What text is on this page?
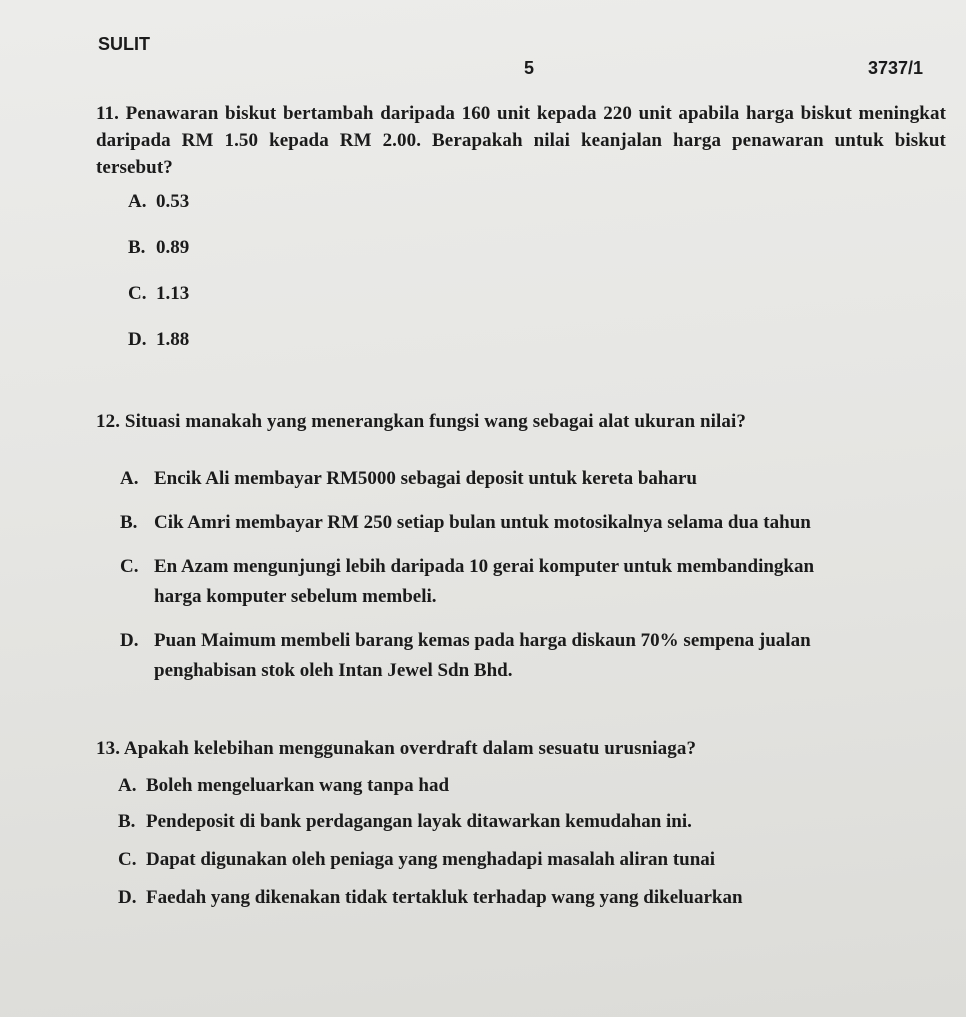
SULIT
5	3737/1
11. Penawaran biskut bertambah daripada 160 unit kepada 220 unit apabila harga biskut meningkat daripada RM 1.50 kepada RM 2.00. Berapakah nilai keanjalan harga penawaran untuk biskut tersebut?
A. 0.53
B. 0.89
C. 1.13
D. 1.88
12. Situasi manakah yang menerangkan fungsi wang sebagai alat ukuran nilai?
A. Encik Ali membayar RM5000 sebagai deposit untuk kereta baharu
B. Cik Amri membayar RM 250 setiap bulan untuk motosikalnya selama dua tahun
C. En Azam mengunjungi lebih daripada 10 gerai komputer untuk membandingkan harga komputer sebelum membeli.
D. Puan Maimum membeli barang kemas pada harga diskaun 70% sempena jualan penghabisan stok oleh Intan Jewel Sdn Bhd.
13. Apakah kelebihan menggunakan overdraft dalam sesuatu urusniaga?
A. Boleh mengeluarkan wang tanpa had
B. Pendeposit di bank perdagangan layak ditawarkan kemudahan ini.
C. Dapat digunakan oleh peniaga yang menghadapi masalah aliran tunai
D. Faedah yang dikenakan tidak tertakluk terhadap wang yang dikeluarkan
